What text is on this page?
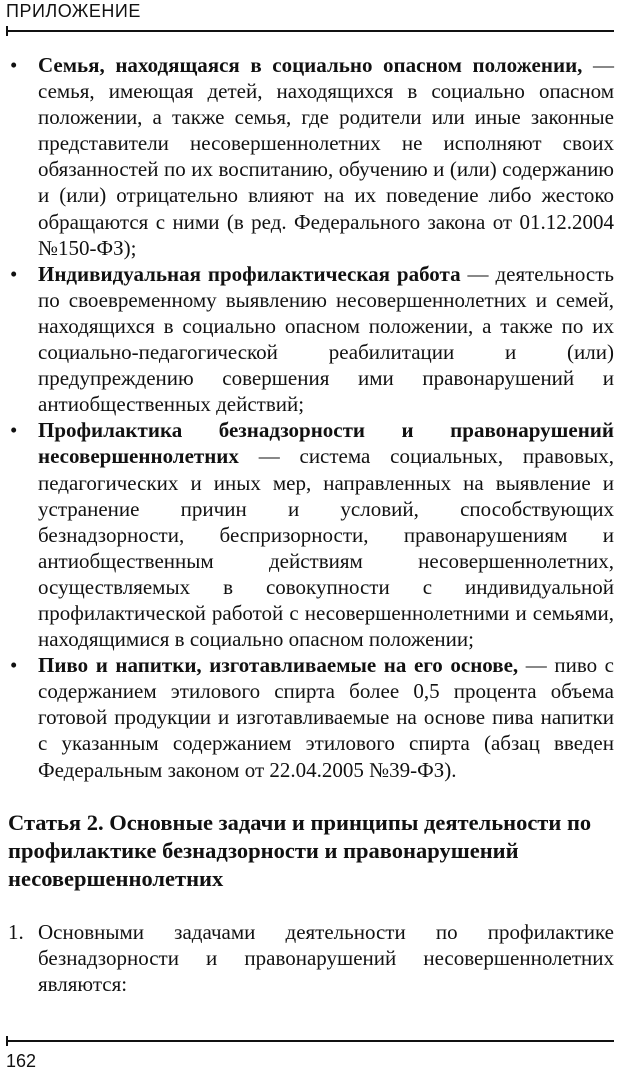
ПРИЛОЖЕНИЕ
• Семья, находящаяся в социально опасном положении, — семья, имеющая детей, находящихся в социально опасном положении, а также семья, где родители или иные законные представители несовершеннолетних не исполняют своих обязанностей по их воспитанию, обучению и (или) содержанию и (или) отрицательно влияют на их поведение либо жестоко обращаются с ними (в ред. Федерального закона от 01.12.2004 №150-ФЗ);
• Индивидуальная профилактическая работа — деятельность по своевременному выявлению несовершеннолетних и семей, находящихся в социально опасном положении, а также по их социально-педагогической реабилитации и (или) предупреждению совершения ими правонарушений и антиобщественных действий;
• Профилактика безнадзорности и правонарушений несовершеннолетних — система социальных, правовых, педагогических и иных мер, направленных на выявление и устранение причин и условий, способствующих безнадзорности, беспризорности, правонарушениям и антиобщественным действиям несовершеннолетних, осуществляемых в совокупности с индивидуальной профилактической работой с несовершеннолетними и семьями, находящимися в социально опасном положении;
• Пиво и напитки, изготавливаемые на его основе, — пиво с содержанием этилового спирта более 0,5 процента объема готовой продукции и изготавливаемые на основе пива напитки с указанным содержанием этилового спирта (абзац введен Федеральным законом от 22.04.2005 №39-ФЗ).
Статья 2. Основные задачи и принципы деятельности по профилактике безнадзорности и правонарушений несовершеннолетних
1. Основными задачами деятельности по профилактике безнадзорности и правонарушений несовершеннолетних являются:
162
